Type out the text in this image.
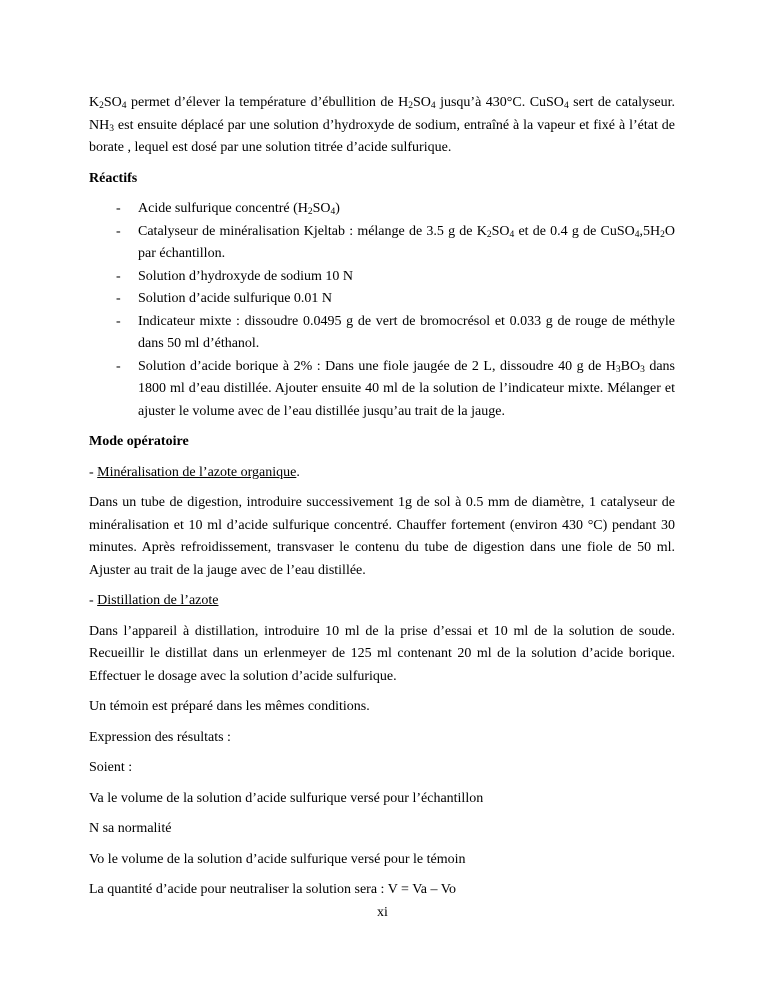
$K_2SO_4$ permet d’élever la température d’ébullition de $H_2SO_4$ jusqu’à 430°C. CuSO$_4$ sert de catalyseur. $NH_3$ est ensuite déplacé par une solution d’hydroxyde de sodium, entraîné à la vapeur et fixé à l’état de borate , lequel est dosé par une solution titrée d’acide sulfurique.

Réactifs

- Acide sulfurique concentré $(H_2SO_4)$
- Catalyseur de minéralisation Kjeltab : mélange de 3.5 g de $K_2SO_4$ et de 0.4 g de $CuSO_4,5H_2O$ par échantillon.
- Solution d’hydroxyde de sodium 10 N
- Solution d’acide sulfurique 0.01 N
- Indicateur mixte : dissoudre 0.0495 g de vert de bromocrésol et 0.033 g de rouge de méthyle dans 50 ml d’éthanol.
- Solution d’acide borique à 2% : Dans une fiole jaugée de 2 L, dissoudre 40 g de $H_3BO_3$ dans 1800 ml d’eau distillée. Ajouter ensuite 40 ml de la solution de l’indicateur mixte. Mélanger et ajuster le volume avec de l’eau distillée jusqu’au trait de la jauge.

Mode opératoire

- Minéralisation de l’azote organique.

Dans un tube de digestion, introduire successivement 1g de sol à 0.5 mm de diamètre, 1 catalyseur de minéralisation et 10 ml d’acide sulfurique concentré. Chauffer fortement (environ 430 °C) pendant 30 minutes. Après refroidissement, transvaser le contenu du tube de digestion dans une fiole de 50 ml. Ajuster au trait de la jauge avec de l’eau distillée.

- Distillation de l’azote

Dans l’appareil à distillation, introduire 10 ml de la prise d’essai et 10 ml de la solution de soude. Recueillir le distillat dans un erlenmeyer de 125 ml contenant 20 ml de la solution d’acide borique. Effectuer le dosage avec la solution d’acide sulfurique.

Un témoin est préparé dans les mêmes conditions.

Expression des résultats :

Soient :

Va le volume de la solution d’acide sulfurique versé pour l’échantillon

N sa normalité

Vo le volume de la solution d’acide sulfurique versé pour le témoin

La quantité d’acide pour neutraliser la solution sera : V = Va – Vo

xi
